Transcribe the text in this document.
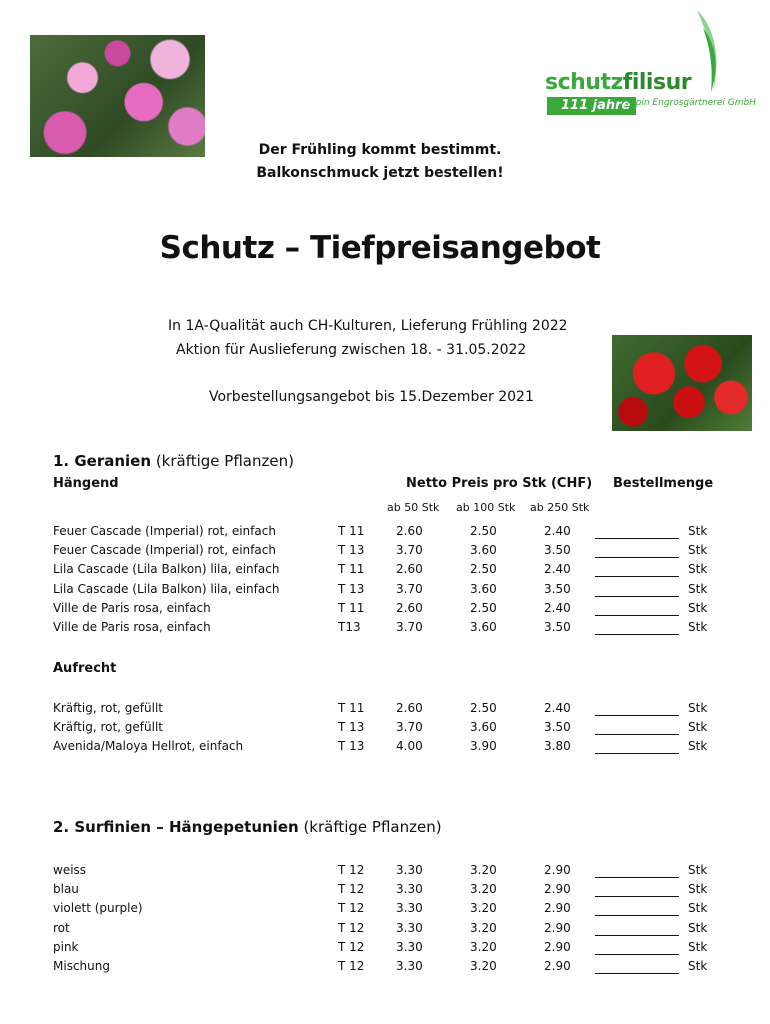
schutzfilisur
111 jahre
Alpin Engrosgärtnerei GmbH
Der Frühling kommt bestimmt.
Balkonschmuck jetzt bestellen!
Schutz – Tiefpreisangebot
In 1A-Qualität auch CH-Kulturen, Lieferung Frühling 2022
Aktion für Auslieferung zwischen 18. - 31.05.2022
Vorbestellungsangebot bis 15.Dezember 2021
1. Geranien (kräftige Pflanzen)
Hängend	Netto Preis pro Stk (CHF) Bestellmenge
ab 50 Stk ab 100 Stk ab 250 Stk
Feuer Cascade (Imperial) rot, einfach	T 11	2.60	2.50	2.40	Stk
Feuer Cascade (Imperial) rot, einfach	T 13	3.70	3.60	3.50	Stk
Lila Cascade (Lila Balkon) lila, einfach	T 11	2.60	2.50	2.40	Stk
Lila Cascade (Lila Balkon) lila, einfach	T 13	3.70	3.60	3.50	Stk
Ville de Paris rosa, einfach	T 11	2.60	2.50	2.40	Stk
Ville de Paris rosa, einfach	T13	3.70	3.60	3.50	Stk
Aufrecht
Kräftig, rot, gefüllt	T 11	2.60	2.50	2.40	Stk
Kräftig, rot, gefüllt	T 13	3.70	3.60	3.50	Stk
Avenida/Maloya Hellrot, einfach	T 13	4.00	3.90	3.80	Stk
2. Surfinien – Hängepetunien (kräftige Pflanzen)
weiss	T 12	3.30	3.20	2.90	Stk
blau	T 12	3.30	3.20	2.90	Stk
violett (purple)	T 12	3.30	3.20	2.90	Stk
rot	T 12	3.30	3.20	2.90	Stk
pink	T 12	3.30	3.20	2.90	Stk
Mischung	T 12	3.30	3.20	2.90	Stk
